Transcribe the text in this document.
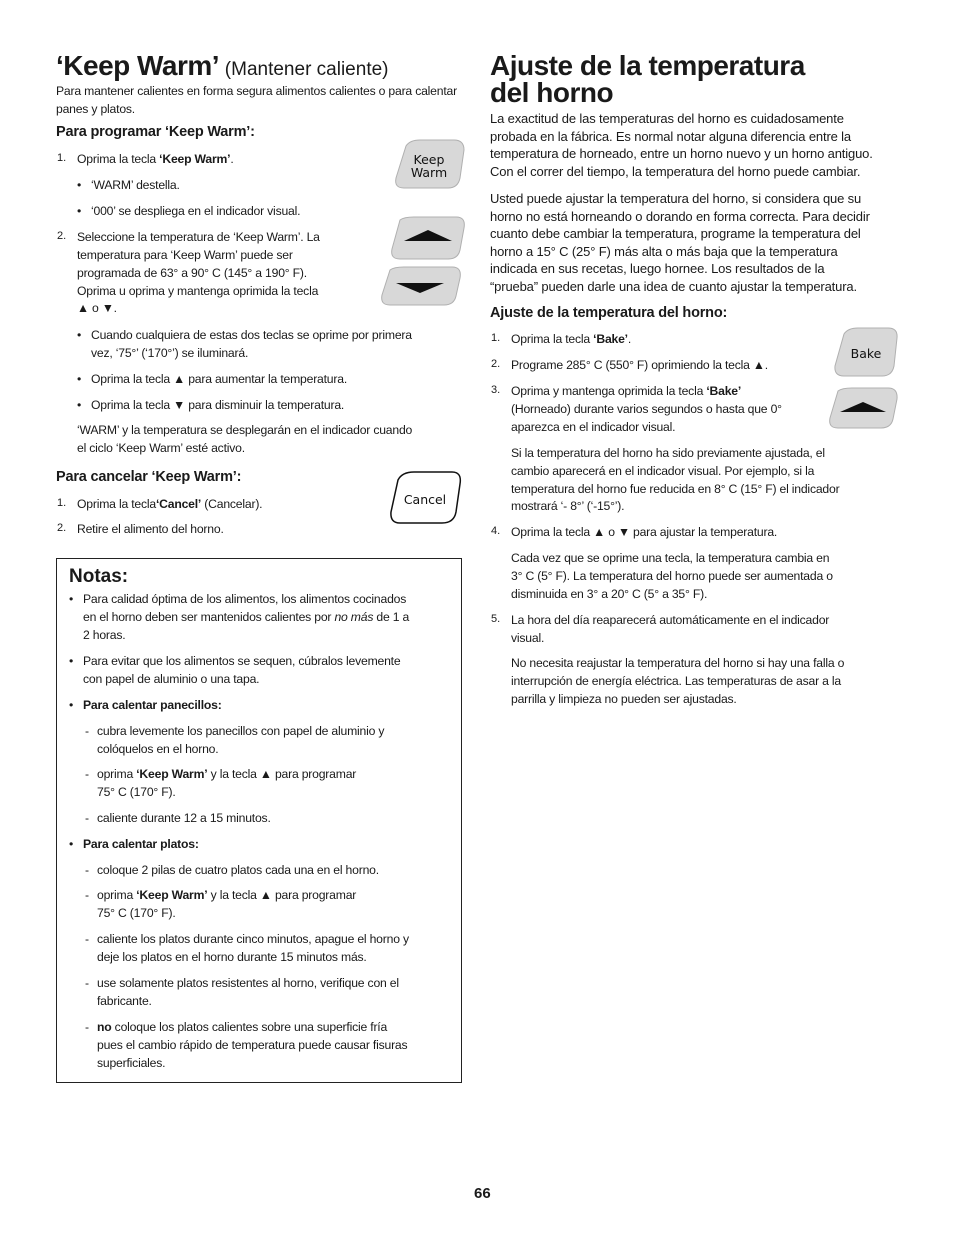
‘Keep Warm’ (Mantener caliente)
Para mantener calientes en forma segura alimentos calientes o para calentar panes y platos.
Para programar ‘Keep Warm’:
1. Oprima la tecla ‘Keep Warm’.
• ‘WARM’ destella.
• ‘000’ se despliega en el indicador visual.
2. Seleccione la temperatura de ‘Keep Warm’. La
temperatura para ‘Keep Warm’ puede ser
programada de 63° a 90° C (145° a 190° F).
Oprima u oprima y mantenga oprimida la tecla
▲ o ▼.
• Cuando cualquiera de estas dos teclas se oprime por primera
vez, ‘75°’ (‘170°’) se iluminará.
• Oprima la tecla ▲ para aumentar la temperatura.
• Oprima la tecla ▼ para disminuir la temperatura.
‘WARM’ y la temperatura se desplegarán en el indicador cuando
el ciclo ‘Keep Warm’ esté activo.
Para cancelar ‘Keep Warm’:
1. Oprima la tecla‘Cancel’ (Cancelar).
2. Retire el alimento del horno.
Keep
Warm
Cancel
Notas:
• Para calidad óptima de los alimentos, los alimentos cocinados
en el horno deben ser mantenidos calientes por no más de 1 a
2 horas.
• Para evitar que los alimentos se sequen, cúbralos levemente
con papel de aluminio o una tapa.
• Para calentar panecillos:
- cubra levemente los panecillos con papel de aluminio y
colóquelos en el horno.
- oprima ‘Keep Warm’ y la tecla ▲ para programar
75° C (170° F).
- caliente durante 12 a 15 minutos.
• Para calentar platos:
- coloque 2 pilas de cuatro platos cada una en el horno.
- oprima ‘Keep Warm’ y la tecla ▲ para programar
75° C (170° F).
- caliente los platos durante cinco minutos, apague el horno y
deje los platos en el horno durante 15 minutos más.
- use solamente platos resistentes al horno, verifique con el
fabricante.
- no coloque los platos calientes sobre una superficie fría
pues el cambio rápido de temperatura puede causar fisuras
superficiales.
Ajuste de la temperatura
del horno
La exactitud de las temperaturas del horno es cuidadosamente
probada en la fábrica. Es normal notar alguna diferencia entre la
temperatura de horneado, entre un horno nuevo y un horno antiguo.
Con el correr del tiempo, la temperatura del horno puede cambiar.
Usted puede ajustar la temperatura del horno, si considera que su
horno no está horneando o dorando en forma correcta. Para decidir
cuanto debe cambiar la temperatura, programe la temperatura del
horno a 15° C (25° F) más alta o más baja que la temperatura
indicada en sus recetas, luego hornee. Los resultados de la
“prueba” pueden darle una idea de cuanto ajustar la temperatura.
Ajuste de la temperatura del horno:
1. Oprima la tecla ‘Bake’.
2. Programe 285° C (550° F) oprimiendo la tecla ▲.
3. Oprima y mantenga oprimida la tecla ‘Bake’
(Horneado) durante varios segundos o hasta que 0°
aparezca en el indicador visual.
Si la temperatura del horno ha sido previamente ajustada, el
cambio aparecerá en el indicador visual. Por ejemplo, si la
temperatura del horno fue reducida en 8° C (15° F) el indicador
mostrará ‘- 8°’ (‘-15°’).
4. Oprima la tecla ▲ o ▼ para ajustar la temperatura.
Cada vez que se oprime una tecla, la temperatura cambia en
3° C (5° F). La temperatura del horno puede ser aumentada o
disminuida en 3° a 20° C (5° a 35° F).
5. La hora del día reaparecerá automáticamente en el indicador
visual.
No necesita reajustar la temperatura del horno si hay una falla o
interrupción de energía eléctrica. Las temperaturas de asar a la
parrilla y limpieza no pueden ser ajustadas.
Bake
66
